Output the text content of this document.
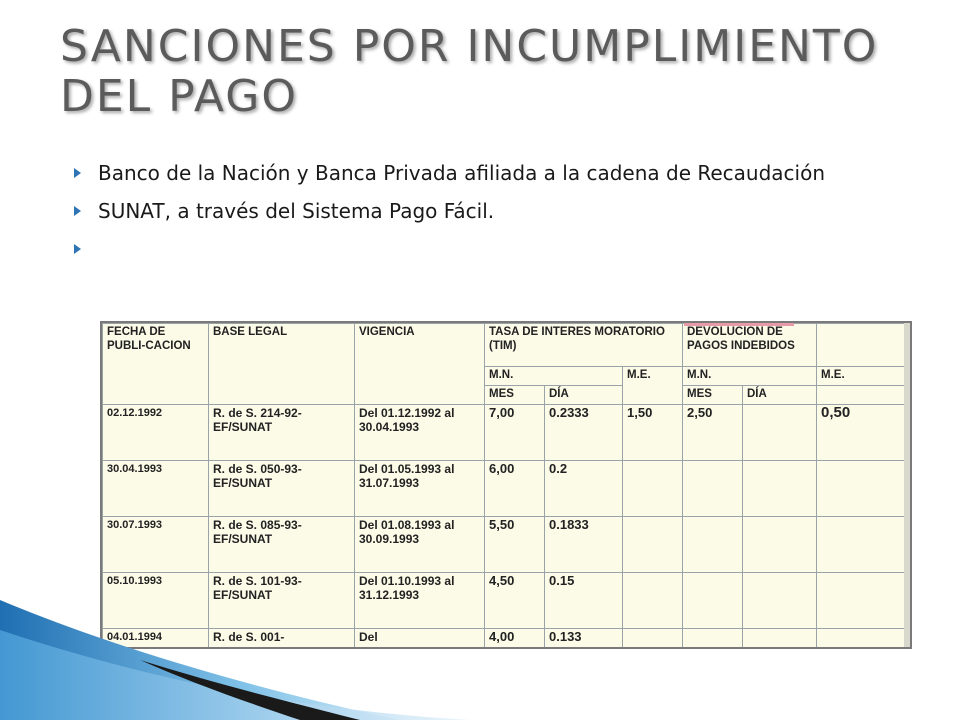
SANCIONES POR INCUMPLIMIENTO DEL PAGO
Banco de la Nación y Banca Privada afiliada a la cadena de Recaudación
SUNAT, a través del Sistema Pago Fácil.
FECHA DE PUBLI-CACION	BASE LEGAL	VIGENCIA	TASA DE INTERES MORATORIO (TIM)			DEVOLUCION DE PAGOS INDEBIDOS		
			M.N.		M.E.	M.N.		M.E.
			MES	DÍA		MES	DÍA	
02.12.1992	R. de S. 214-92-EF/SUNAT	Del 01.12.1992 al 30.04.1993	7,00	0.2333	1,50	2,50		0,50
30.04.1993	R. de S. 050-93-EF/SUNAT	Del 01.05.1993 al 31.07.1993	6,00	0.2				
30.07.1993	R. de S. 085-93-EF/SUNAT	Del 01.08.1993 al 30.09.1993	5,50	0.1833				
05.10.1993	R. de S. 101-93-EF/SUNAT	Del 01.10.1993 al 31.12.1993	4,50	0.15				
04.01.1994	R. de S. 001-	Del	4,00	0.133				
